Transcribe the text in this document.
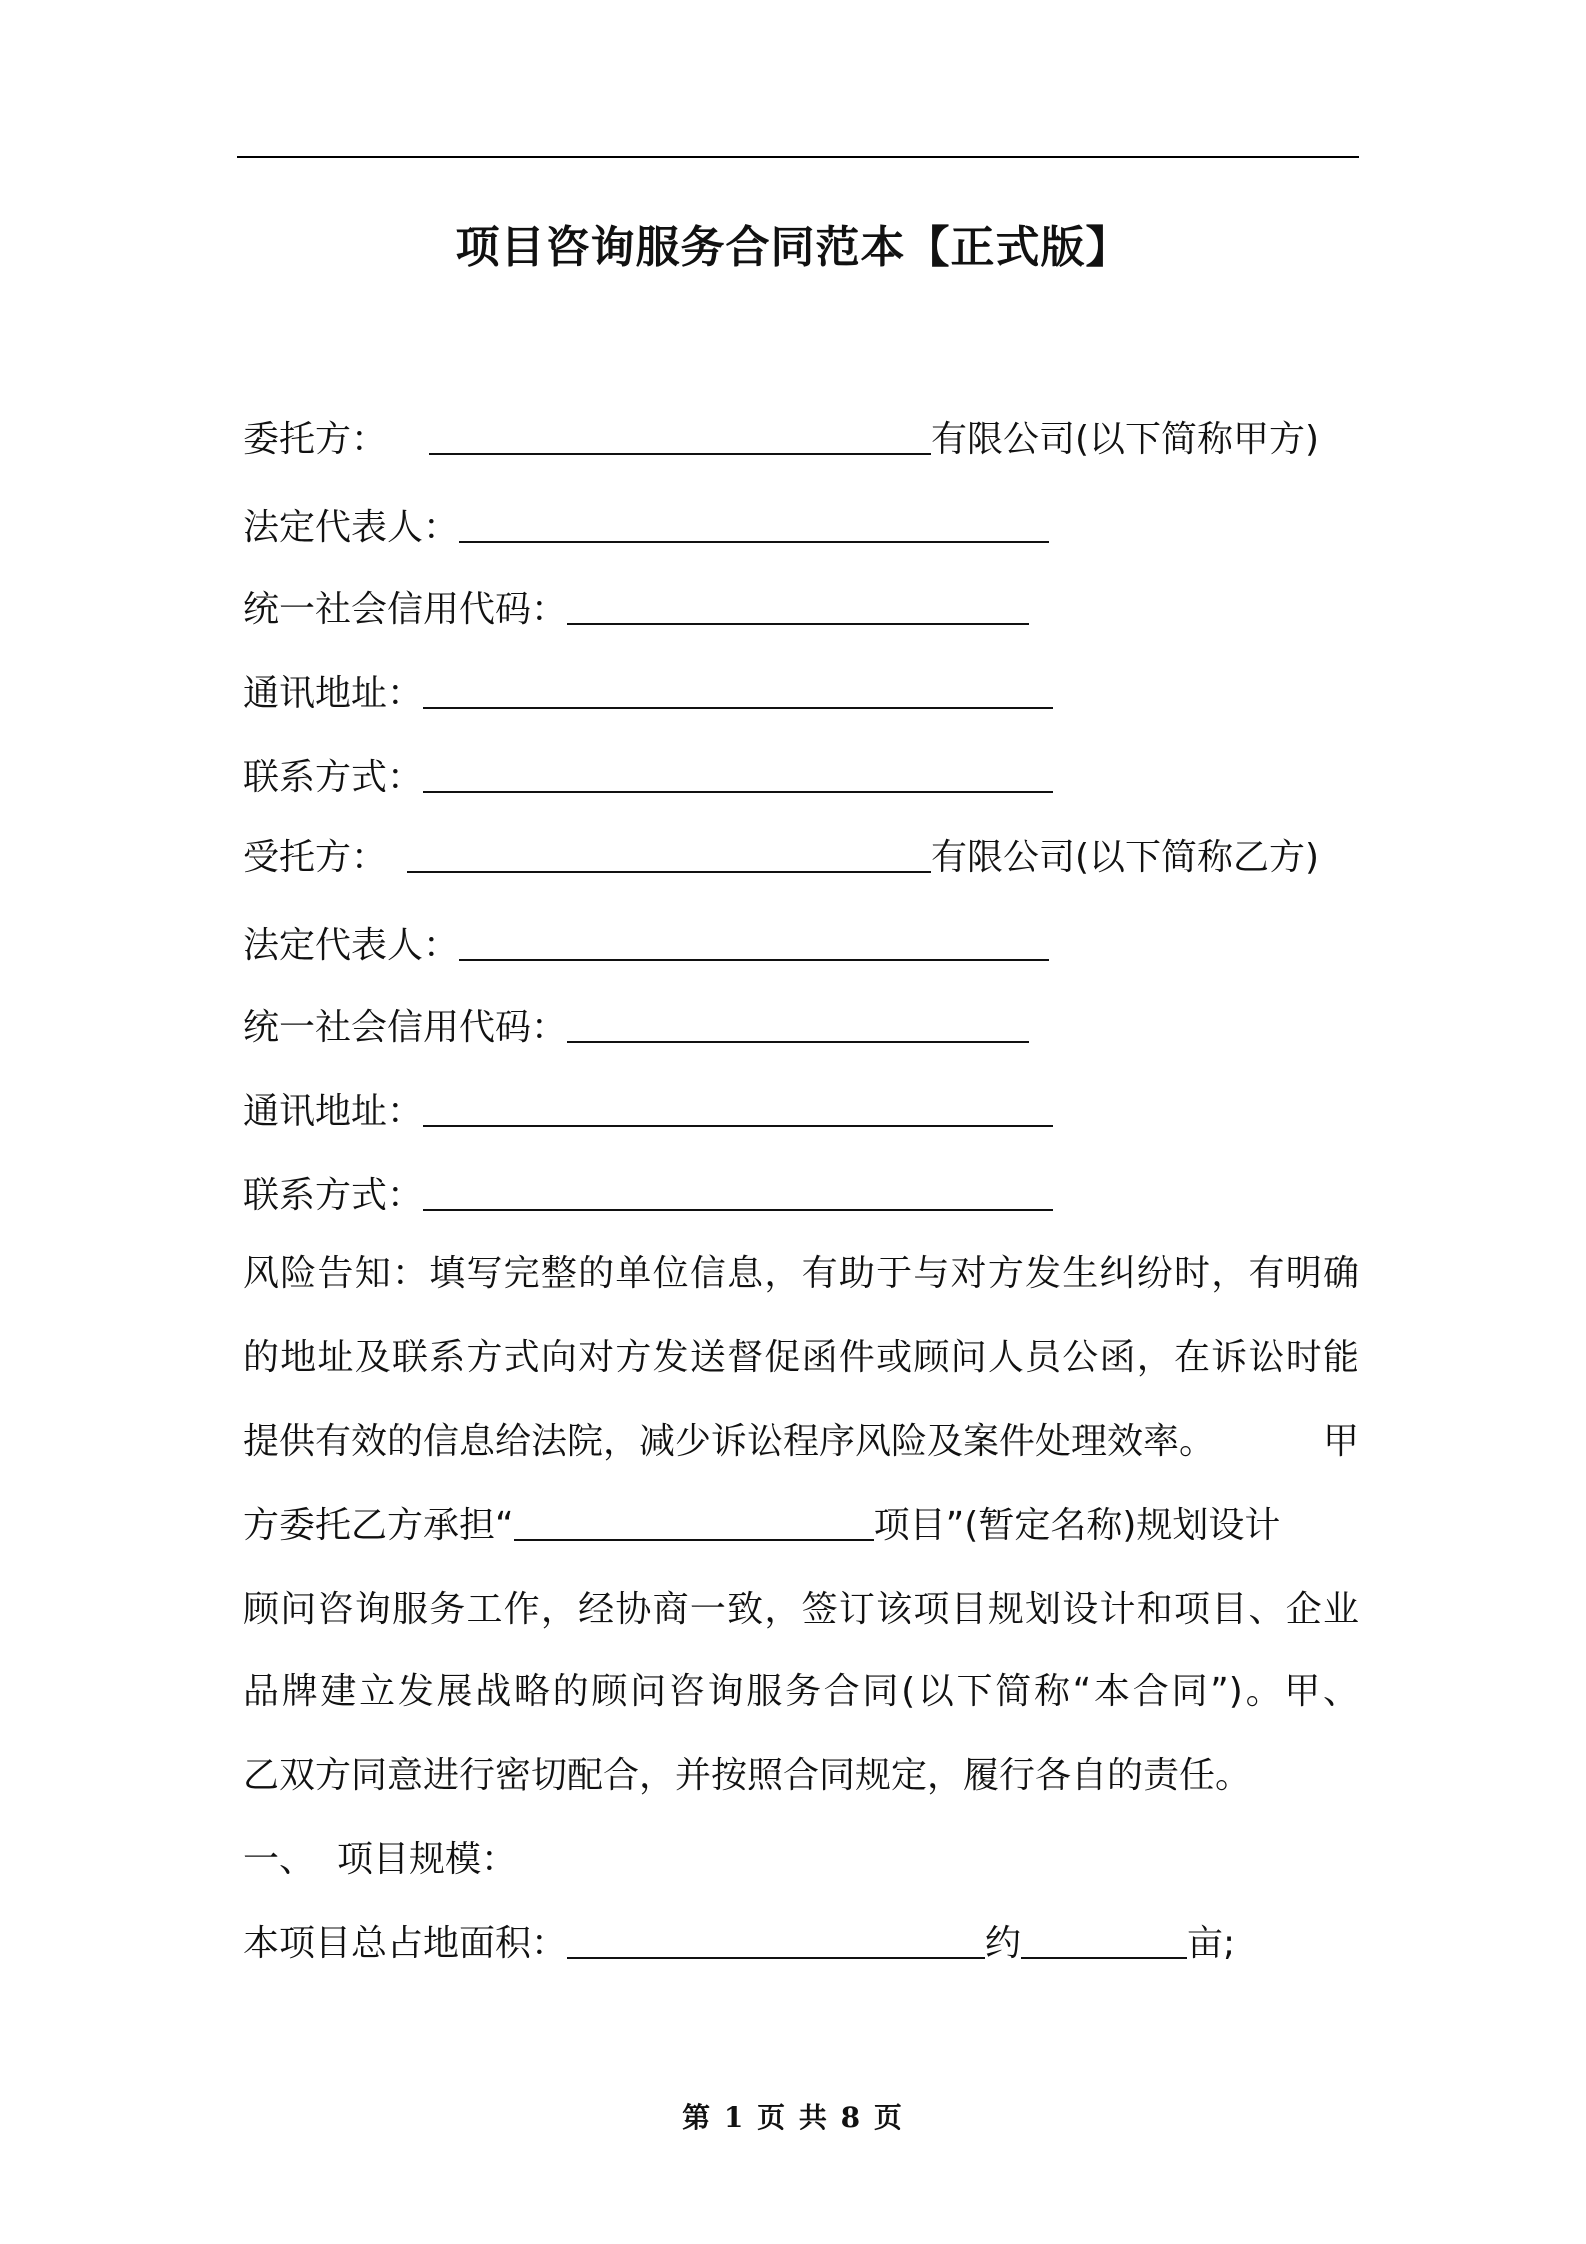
项目咨询服务合同范本【正式版】
委托方：	有限公司(以下简称甲方)
法定代表人：
统一社会信用代码：
通讯地址：
联系方式：
受托方：	有限公司(以下简称乙方)
法定代表人：
统一社会信用代码：
通讯地址：
联系方式：
风险告知：填写完整的单位信息，有助于与对方发生纠纷时，有明确
的地址及联系方式向对方发送督促函件或顾问人员公函，在诉讼时能
提供有效的信息给法院，减少诉讼程序风险及案件处理效率。	甲
方委托乙方承担“	项目”(暂定名称)规划设计
顾问咨询服务工作，经协商一致，签订该项目规划设计和项目、企业
品牌建立发展战略的顾问咨询服务合同(以下简称“本合同”)。甲、
乙双方同意进行密切配合，并按照合同规定，履行各自的责任。
一、 项目规模：
本项目总占地面积：	约	亩;
第 1 页 共 8 页
